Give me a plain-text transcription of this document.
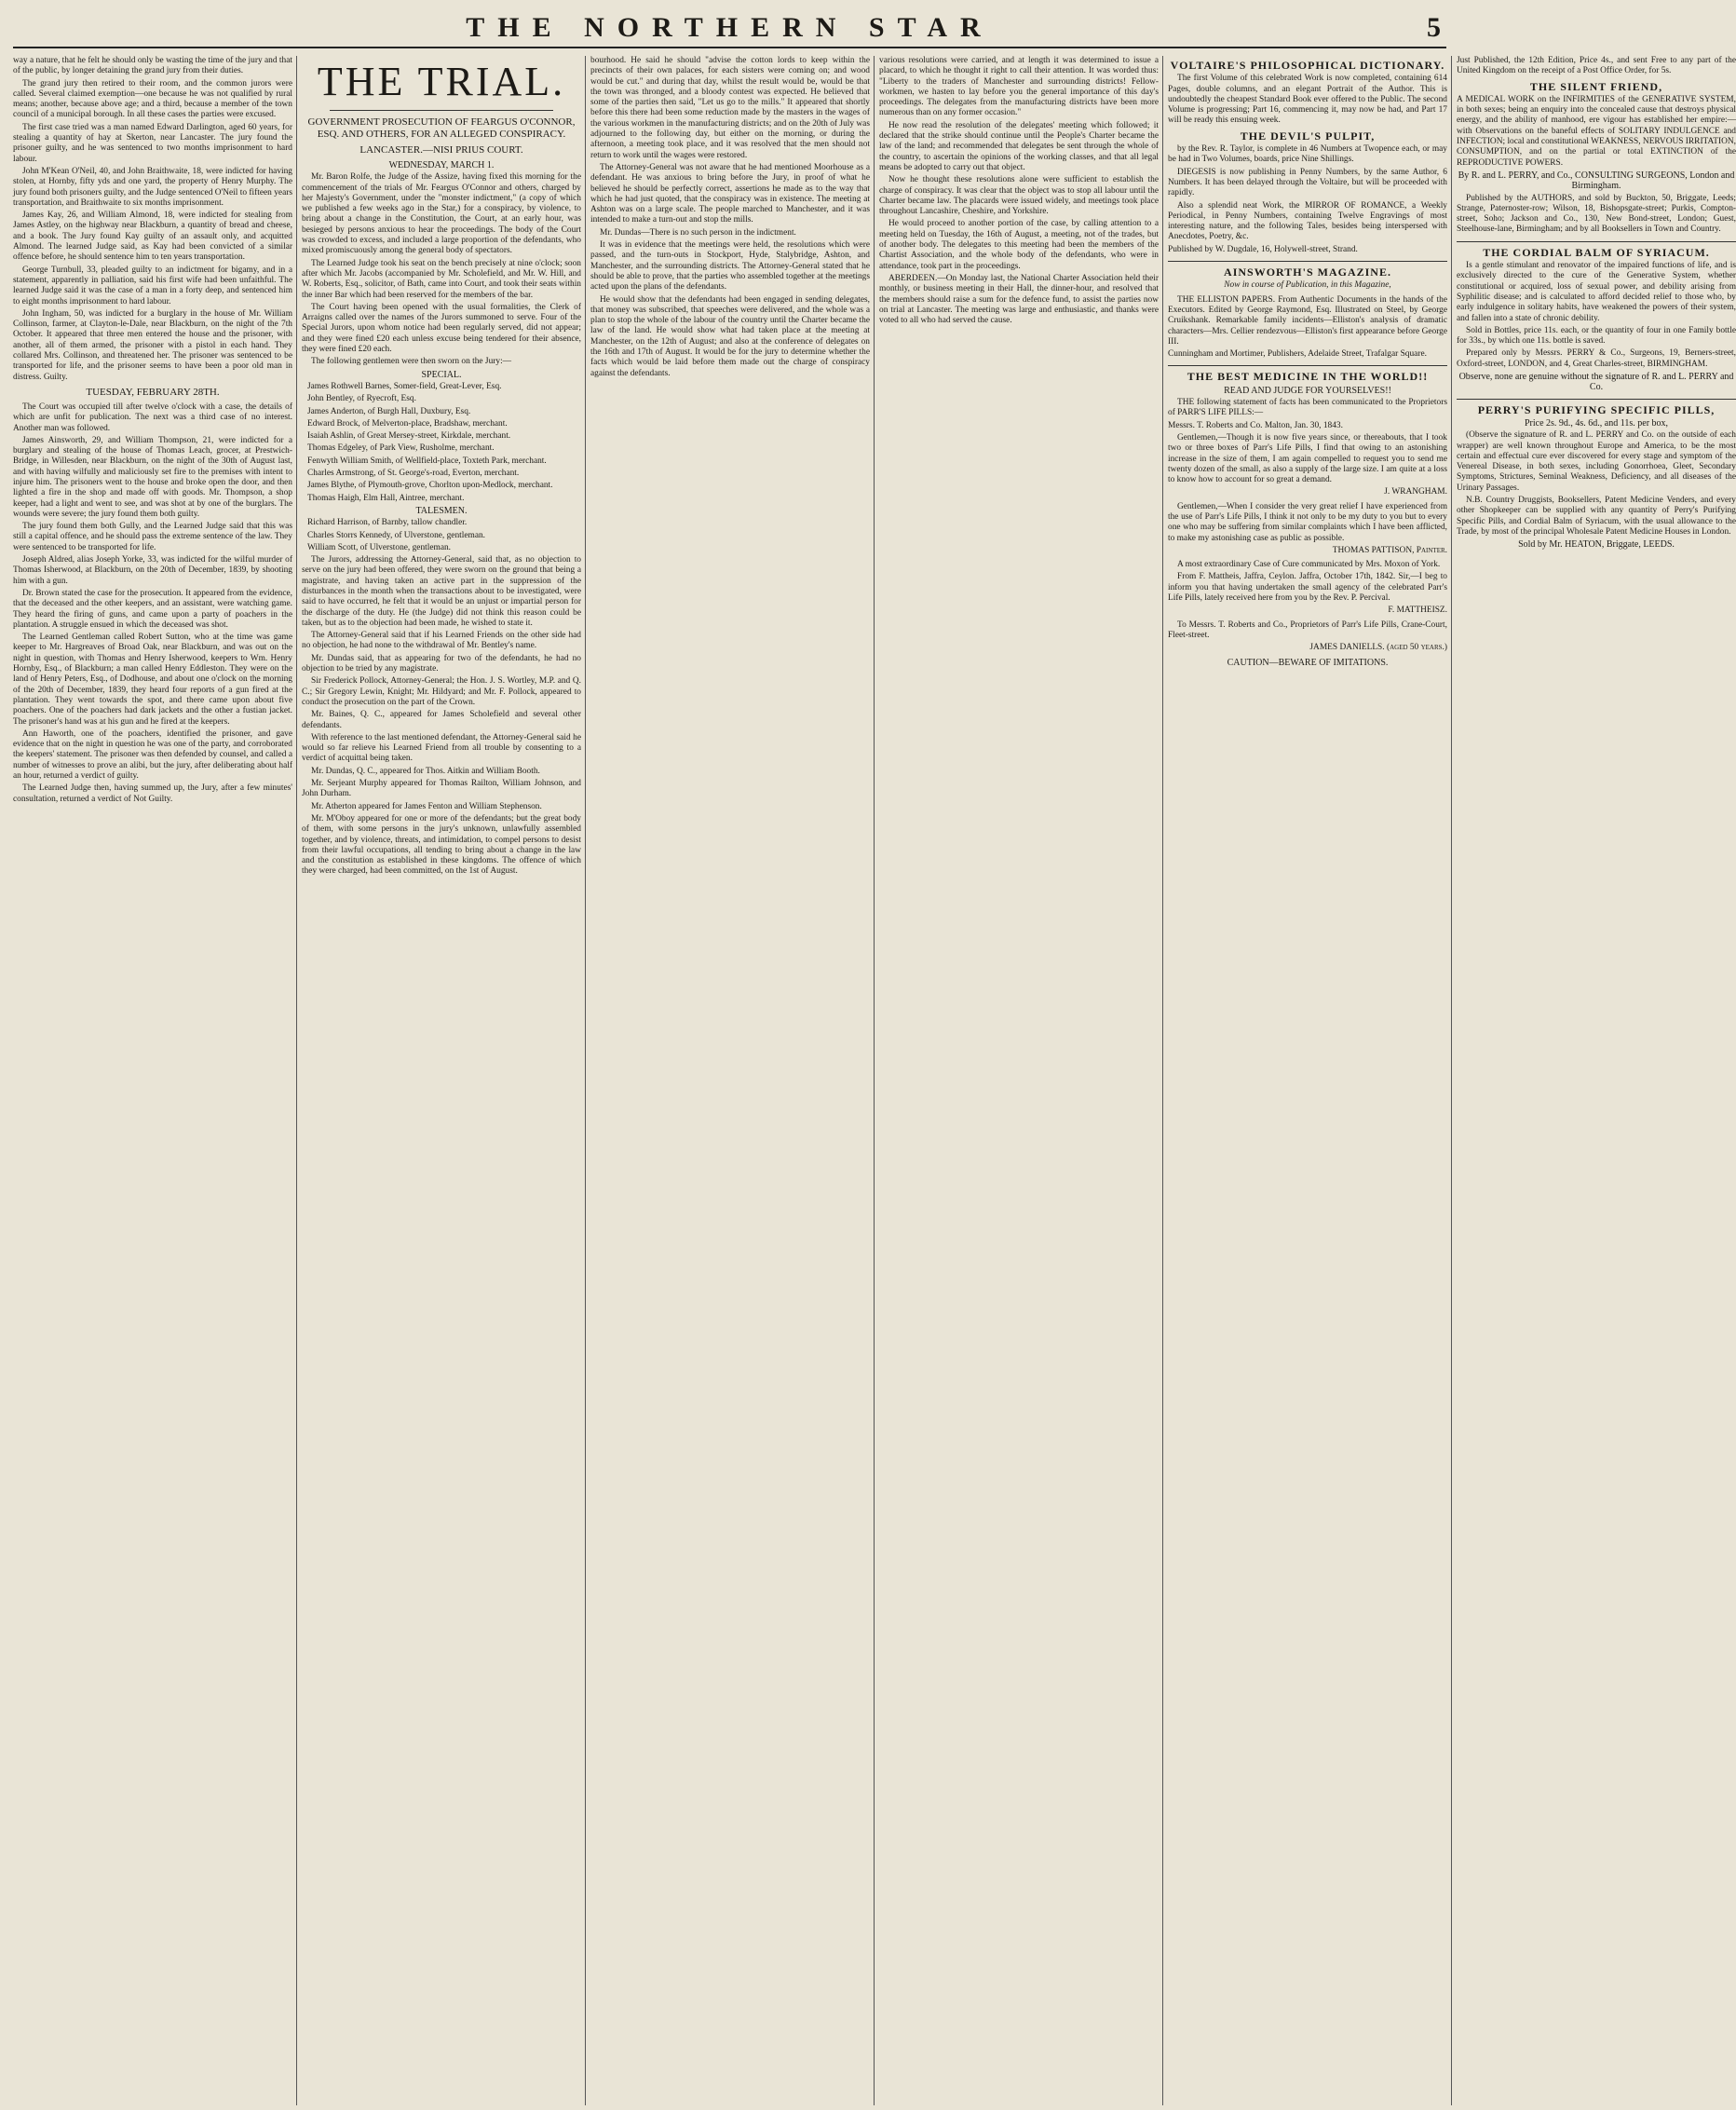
THE NORTHERN STAR	5

way a nature, that he felt he should only be wasting the time of the jury and that of the public, by longer detaining the grand jury from their duties.

The grand jury then retired to their room, and the common jurors were called. Several claimed exemption—one because he was not qualified by rural means; another, because above age; and a third, because a member of the town council of a municipal borough. In all these cases the parties were excused.

The first case tried was a man named Edward Darlington, aged 60 years, for stealing a quantity of hay at Skerton, near Lancaster. The jury found the prisoner guilty, and he was sentenced to two months imprisonment to hard labour.

John M'Kean O'Neil, 40, and John Braithwaite, 18, were indicted for having stolen, at Hornby, fifty yds and one yard, the property of Henry Murphy. The jury found both prisoners guilty, and the Judge sentenced O'Neil to fifteen years transportation, and Braithwaite to six months imprisonment.

James Kay, 26, and William Almond, 18, were indicted for stealing from James Astley, on the highway near Blackburn, a quantity of bread and cheese, and a book. The Jury found Kay guilty of an assault only, and acquitted Almond. The learned Judge said, as Kay had been convicted of a similar offence before, he should sentence him to ten years transportation.

George Turnbull, 33, pleaded guilty to an indictment for bigamy, and in a statement, apparently in palliation, said his first wife had been unfaithful. The learned Judge said it was the case of a man in a forty deep, and sentenced him to eight months imprisonment to hard labour.

John Ingham, 50, was indicted for a burglary in the house of Mr. William Collinson, farmer, at Clayton-le-Dale, near Blackburn, on the night of the 7th October. It appeared that three men entered the house and the prisoner, with another, all of them armed, the prisoner with a pistol in each hand. They collared Mrs. Collinson, and threatened her. The prisoner was sentenced to be transported for life, and the prisoner seems to have been a poor old man in distress. Guilty.

TUESDAY, FEBRUARY 28TH.

The Court was occupied till after twelve o'clock with a case, the details of which are unfit for publication. The next was a third case of no interest. Another man was followed.

James Ainsworth, 29, and William Thompson, 21, were indicted for a burglary and stealing of the house of Thomas Leach, grocer, at Prestwich-Bridge, in Willesden, near Blackburn, on the night of the 30th of August last, and with having wilfully and maliciously set fire to the premises with intent to injure him. The prisoners went to the house and broke open the door, and then lighted a fire in the shop and made off with goods. Mr. Thompson, a shop keeper, had a light and went to see, and was shot at by one of the burglars. The wounds were severe; the jury found them both guilty.

The jury found them both Gully, and the Learned Judge said that this was still a capital offence, and he should pass the extreme sentence of the law. They were sentenced to be transported for life.

Joseph Aldred, alias Joseph Yorke, 33, was indicted for the wilful murder of Thomas Isherwood, at Blackburn, on the 20th of December, 1839, by shooting him with a gun.

Dr. Brown stated the case for the prosecution. It appeared from the evidence, that the deceased and the other keepers, and an assistant, were watching game. They heard the firing of guns, and came upon a party of poachers in the plantation. A struggle ensued in which the deceased was shot.

The Learned Gentleman called Robert Sutton, who at the time was game keeper to Mr. Hargreaves of Broad Oak, near Blackburn, and was out on the night in question, with Thomas and Henry Isherwood, keepers to Wm. Henry Hornby, Esq., of Blackburn; a man called Henry Eddleston. They were on the land of Henry Peters, Esq., of Dodhouse, and about one o'clock on the morning of the 20th of December, 1839, they heard four reports of a gun fired at the plantation. They went towards the spot, and there came upon about five poachers. One of the poachers had dark jackets and the other a fustian jacket. The prisoner's hand was at his gun and he fired at the keepers.

Ann Haworth, one of the poachers, identified the prisoner, and gave evidence that on the night in question he was one of the party, and corroborated the keepers' statement. The prisoner was then defended by counsel, and called a number of witnesses to prove an alibi, but the jury, after deliberating about half an hour, returned a verdict of guilty.

The Learned Judge then, having summed up, the Jury, after a few minutes' consultation, returned a verdict of Not Guilty.

THE TRIAL.
GOVERNMENT PROSECUTION OF FEARGUS O'CONNOR, ESQ. AND OTHERS, FOR AN ALLEGED CONSPIRACY.
LANCASTER.—NISI PRIUS COURT.
WEDNESDAY, MARCH 1.

Mr. Baron Rolfe, the Judge of the Assize, having fixed this morning for the commencement of the trials of Mr. Feargus O'Connor and others, charged by her Majesty's Government, under the "monster indictment," (a copy of which we published a few weeks ago in the Star,) for a conspiracy, by violence, to bring about a change in the Constitution, the Court, at an early hour, was besieged by persons anxious to hear the proceedings. The body of the Court was crowded to excess, and included a large proportion of the defendants, who mixed promiscuously among the general body of spectators.

The Learned Judge took his seat on the bench precisely at nine o'clock; soon after which Mr. Jacobs (accompanied by Mr. Scholefield, and Mr. W. Hill, and W. Roberts, Esq., solicitor, of Bath, came into Court, and took their seats within the inner Bar which had been reserved for the members of the bar.

The Court having been opened with the usual formalities, the Clerk of Arraigns called over the names of the Jurors summoned to serve. Four of the Special Jurors, upon whom notice had been regularly served, did not appear; and they were fined £20 each unless excuse being tendered for their absence, they were fined £20 each.

The following gentlemen were then sworn on the Jury:—

SPECIAL.
James Rothwell Barnes, Somer-field, Great-Lever, Esq.
John Bentley, of Ryecroft, Esq.
James Anderton, of Burgh Hall, Duxbury, Esq.
Edward Brock, of Melverton-place, Bradshaw, merchant.
Isaiah Ashlin, of Great Mersey-street, Kirkdale, merchant.
Thomas Edgeley, of Park View, Rusholme, merchant.
Fenwyth William Smith, of Wellfield-place, Toxteth Park, merchant.
Charles Armstrong, of St. George's-road, Everton, merchant.
James Blythe, of Plymouth-grove, Chorlton upon-Medlock, merchant.
Thomas Haigh, Elm Hall, Aintree, merchant.
TALESMEN.
Richard Harrison, of Barnby, tallow chandler.
Charles Storrs Kennedy, of Ulverstone, gentleman.
William Scott, of Ulverstone, gentleman.

The Jurors, addressing the Attorney-General, said that, as no objection to serve on the jury had been offered, they were sworn on the ground that being a magistrate, and having taken an active part in the suppression of the disturbances in the month when the transactions about to be investigated, were said to have occurred, he felt that it would be an unjust or impartial person for the discharge of the duty. He (the Judge) did not think this reason could be taken, but as to the objection had been made, he wished to state it.

The Attorney-General said that if his Learned Friends on the other side had no objection, he had none to the withdrawal of Mr. Bentley's name.

Mr. Dundas said, that as appearing for two of the defendants, he had no objection to be tried by any magistrate.

Sir Frederick Pollock, Attorney-General; the Hon. J. S. Wortley, M.P. and Q. C.; Sir Gregory Lewin, Knight; Mr. Hildyard; and Mr. F. Pollock, appeared to conduct the prosecution on the part of the Crown.

Mr. Baines, Q. C., appeared for James Scholefield and several other defendants.

With reference to the last mentioned defendant, the Attorney-General said he would so far relieve his Learned Friend from all trouble by consenting to a verdict of acquittal being taken.

Mr. Dundas, Q. C., appeared for Thos. Aitkin and William Booth.

Mr. Serjeant Murphy appeared for Thomas Railton, William Johnson, and John Durham.

Mr. Atherton appeared for James Fenton and William Stephenson.

Mr. M'Oboy appeared for one or more of the defendants; but the great body of them, with some persons in the jury's unknown, unlawfully assembled together, and by violence, threats, and intimidation, to compel persons to desist from their lawful occupations, all tending to bring about a change in the law and the constitution as established in these kingdoms. The offence of which they were charged, had been committed, on the 1st of August.

bourhood. He said he should "advise the cotton lords to keep within the precincts of their own palaces, for each sisters were coming on; and wood would be cut." and during that day, whilst the result would be, would be that the town was thronged, and a bloody contest was expected. He believed that some of the parties then said, "Let us go to the mills." It appeared that shortly before this there had been some reduction made by the masters in the wages of the various workmen in the manufacturing districts; and on the 20th of July was adjourned to the following day, but either on the morning, or during the afternoon, a meeting took place, and it was resolved that the men should not return to work until the wages were restored.

The Attorney-General was not aware that he had mentioned Moorhouse as a defendant. He was anxious to bring before the Jury, in proof of what he believed he should be perfectly correct, assertions he made as to the way that which he had just quoted, that the conspiracy was in existence. The meeting at Ashton was on a large scale. The people marched to Manchester, and it was intended to make a turn-out and stop the mills.

Mr. Dundas—There is no such person in the indictment.

It was in evidence that the meetings were held, the resolutions which were passed, and the turn-outs in Stockport, Hyde, Stalybridge, Ashton, and Manchester, and the surrounding districts. The Attorney-General stated that he should be able to prove, that the parties who assembled together at the meetings acted upon the plans of the defendants.

He would show that the defendants had been engaged in sending delegates, that money was subscribed, that speeches were delivered, and the whole was a plan to stop the whole of the labour of the country until the Charter became the law of the land. He would show what had taken place at the meeting at Manchester, on the 12th of August; and also at the conference of delegates on the 16th and 17th of August. It would be for the jury to determine whether the facts which would be laid before them made out the charge of conspiracy against the defendants.

various resolutions were carried, and at length it was determined to issue a placard, to which he thought it right to call their attention. It was worded thus: "Liberty to the traders of Manchester and surrounding districts! Fellow-workmen, we hasten to lay before you the general importance of this day's proceedings. The delegates from the manufacturing districts have been more numerous than on any former occasion."

He now read the resolution of the delegates' meeting which followed; it declared that the strike should continue until the People's Charter became the law of the land; and recommended that delegates be sent through the whole of the country, to ascertain the opinions of the working classes, and that all legal means be adopted to carry out that object.

Now he thought these resolutions alone were sufficient to establish the charge of conspiracy. It was clear that the object was to stop all labour until the Charter became law. The placards were issued widely, and meetings took place throughout Lancashire, Cheshire, and Yorkshire.

He would proceed to another portion of the case, by calling attention to a meeting held on Tuesday, the 16th of August, a meeting, not of the trades, but of another body. The delegates to this meeting had been the members of the Chartist Association, and the whole body of the defendants, who were in attendance, took part in the proceedings.

ABERDEEN.—On Monday last, the National Charter Association held their monthly, or business meeting in their Hall, the dinner-hour, and resolved that the members should raise a sum for the defence fund, to assist the parties now on trial at Lancaster. The meeting was large and enthusiastic, and thanks were voted to all who had served the cause.

VOLTAIRE'S PHILOSOPHICAL DICTIONARY.

The first Volume of this celebrated Work is now completed, containing 614 Pages, double columns, and an elegant Portrait of the Author. This is undoubtedly the cheapest Standard Book ever offered to the Public. The second Volume is progressing; Part 16, commencing it, may now be had, and Part 17 will be ready this ensuing week.

THE DEVIL'S PULPIT,

by the Rev. R. Taylor, is complete in 46 Numbers at Twopence each, or may be had in Two Volumes, boards, price Nine Shillings.

DIEGESIS is now publishing in Penny Numbers, by the same Author, 6 Numbers. It has been delayed through the Voltaire, but will be proceeded with rapidly.

Also a splendid neat Work, the MIRROR OF ROMANCE, a Weekly Periodical, in Penny Numbers, containing Twelve Engravings of most interesting nature, and the following Tales, besides being interspersed with Anecdotes, Poetry, &c.

Published by W. Dugdale, 16, Holywell-street, Strand.

AINSWORTH'S MAGAZINE.
Now in course of Publication, in this Magazine,

THE ELLISTON PAPERS. From Authentic Documents in the hands of the Executors. Edited by George Raymond, Esq. Illustrated on Steel, by George Cruikshank. Remarkable family incidents—Elliston's analysis of dramatic characters—Mrs. Cellier rendezvous—Elliston's first appearance before George III.

Cunningham and Mortimer, Publishers, Adelaide Street, Trafalgar Square.

THE BEST MEDICINE IN THE WORLD!!
READ AND JUDGE FOR YOURSELVES!!

THE following statement of facts has been communicated to the Proprietors of PARR'S LIFE PILLS:—

Messrs. T. Roberts and Co. Malton, Jan. 30, 1843.

Gentlemen,—Though it is now five years since, or thereabouts, that I took two or three boxes of Parr's Life Pills, I find that owing to an astonishing increase in the size of them, I am again compelled to request you to send me twenty dozen of the small, as also a supply of the large size. I am quite at a loss to know how to account for so great a demand.

J. WRANGHAM.

Gentlemen,—When I consider the very great relief I have experienced from the use of Parr's Life Pills, I think it not only to be my duty to you but to every one who may be suffering from similar complaints which I have been afflicted, to make my astonishing case as public as possible.

THOMAS PATTISON, Painter.

A most extraordinary Case of Cure communicated by Mrs. Moxon of York.

From F. Mattheis, Jaffra, Ceylon. Jaffra, October 17th, 1842. Sir,—I beg to inform you that having undertaken the small agency of the celebrated Parr's Life Pills, lately received here from you by the Rev. P. Percival.

F. MATTHEISZ.

To Messrs. T. Roberts and Co., Proprietors of Parr's Life Pills, Crane-Court, Fleet-street.

JAMES DANIELLS. (aged 50 years.)
CAUTION—BEWARE OF IMITATIONS.

Just Published, the 12th Edition, Price 4s., and sent Free to any part of the United Kingdom on the receipt of a Post Office Order, for 5s.

THE SILENT FRIEND,

A MEDICAL WORK on the INFIRMITIES of the GENERATIVE SYSTEM, in both sexes; being an enquiry into the concealed cause that destroys physical energy, and the ability of manhood, ere vigour has established her empire:—with Observations on the baneful effects of SOLITARY INDULGENCE and INFECTION; local and constitutional WEAKNESS, NERVOUS IRRITATION, CONSUMPTION, and on the partial or total EXTINCTION of the REPRODUCTIVE POWERS.

By R. and L. PERRY, and Co., CONSULTING SURGEONS, London and Birmingham.

Published by the AUTHORS, and sold by Buckton, 50, Briggate, Leeds; Strange, Paternoster-row; Wilson, 18, Bishopsgate-street; Purkis, Compton-street, Soho; Jackson and Co., 130, New Bond-street, London; Guest, Steelhouse-lane, Birmingham; and by all Booksellers in Town and Country.

THE CORDIAL BALM OF SYRIACUM.

Is a gentle stimulant and renovator of the impaired functions of life, and is exclusively directed to the cure of the Generative System, whether constitutional or acquired, loss of sexual power, and debility arising from Syphilitic disease; and is calculated to afford decided relief to those who, by early indulgence in solitary habits, have weakened the powers of their system, and fallen into a state of chronic debility.

Sold in Bottles, price 11s. each, or the quantity of four in one Family bottle for 33s., by which one 11s. bottle is saved.

Prepared only by Messrs. PERRY & Co., Surgeons, 19, Berners-street, Oxford-street, LONDON, and 4, Great Charles-street, BIRMINGHAM.

Observe, none are genuine without the signature of R. and L. PERRY and Co.
PERRY'S PURIFYING SPECIFIC PILLS,
Price 2s. 9d., 4s. 6d., and 11s. per box,

(Observe the signature of R. and L. PERRY and Co. on the outside of each wrapper) are well known throughout Europe and America, to be the most certain and effectual cure ever discovered for every stage and symptom of the Venereal Disease, in both sexes, including Gonorrhoea, Gleet, Secondary Symptoms, Strictures, Seminal Weakness, Deficiency, and all diseases of the Urinary Passages.

N.B. Country Druggists, Booksellers, Patent Medicine Venders, and every other Shopkeeper can be supplied with any quantity of Perry's Purifying Specific Pills, and Cordial Balm of Syriacum, with the usual allowance to the Trade, by most of the principal Wholesale Patent Medicine Houses in London.

Sold by Mr. HEATON, Briggate, LEEDS.
